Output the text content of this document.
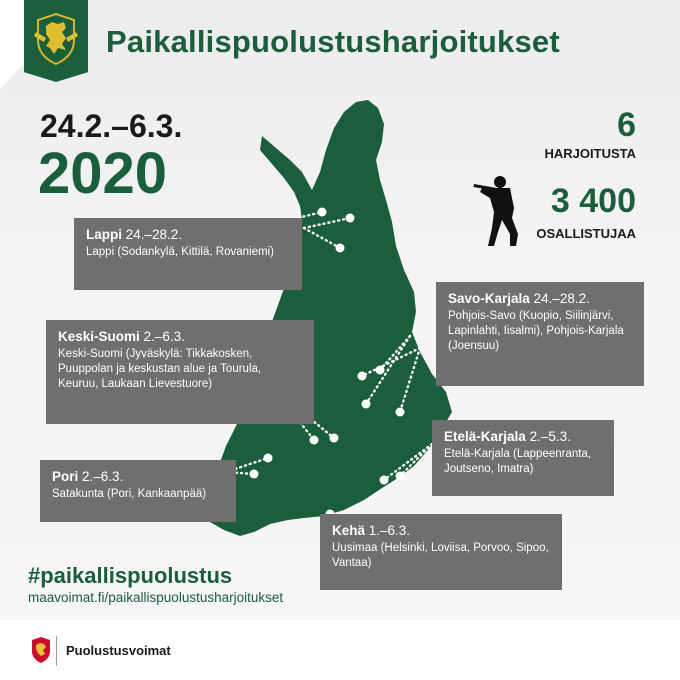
Paikallispuolustusharjoitukset
24.2.–6.3.
2020
6
HARJOITUSTA
3 400
OSALLISTUJAA
Lappi 24.–28.2.
Lappi (Sodankylä, Kittilä, Rovaniemi)
Keski-Suomi 2.–6.3.
Keski-Suomi (Jyväskylä: Tikkakosken, Puuppolan ja keskustan alue ja Tourula, Keuruu, Laukaan Lievestuore)
Pori 2.–6.3.
Satakunta (Pori, Kankaanpää)
Savo-Karjala 24.–28.2.
Pohjois-Savo (Kuopio, Siilinjärvi, Lapinlahti, Iisalmi), Pohjois-Karjala (Joensuu)
Etelä-Karjala 2.–5.3.
Etelä-Karjala (Lappeenranta, Joutseno, Imatra)
Kehä 1.–6.3.
Uusimaa (Helsinki, Loviisa, Porvoo, Sipoo, Vantaa)
#paikallispuolustus
maavoimat.fi/paikallispuolustusharjoitukset
Puolustusvoimat
